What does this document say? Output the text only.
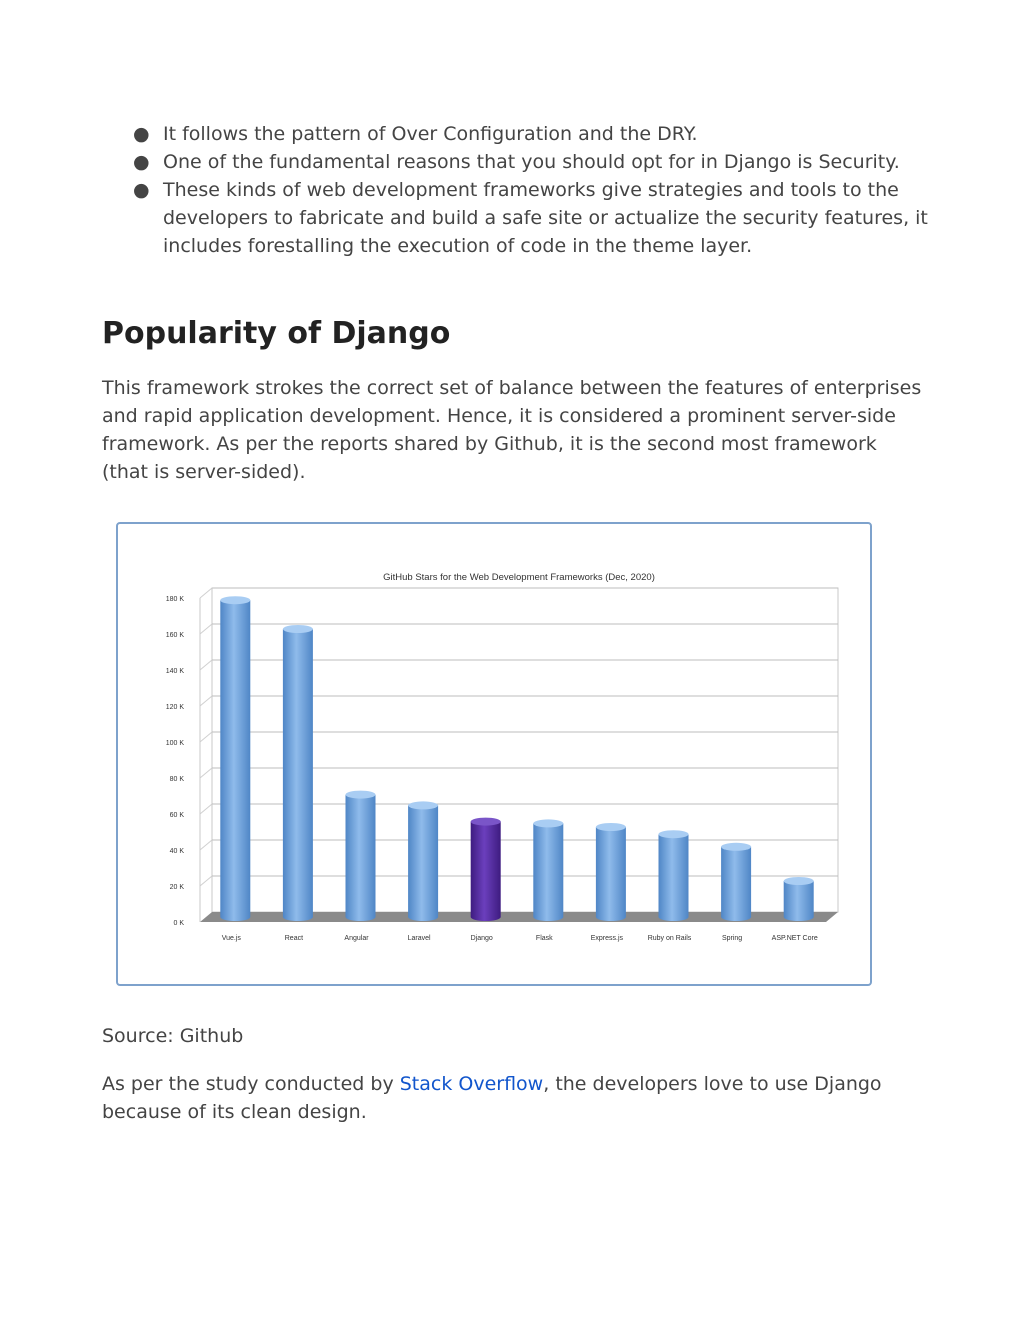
● It follows the pattern of Over Configuration and the DRY.
● One of the fundamental reasons that you should opt for in Django is Security.
● These kinds of web development frameworks give strategies and tools to the developers to fabricate and build a safe site or actualize the security features, it includes forestalling the execution of code in the theme layer.
Popularity of Django

This framework strokes the correct set of balance between the features of enterprises and rapid application development. Hence, it is considered a prominent server-side framework. As per the reports shared by Github, it is the second most framework (that is server-sided).

GitHub Stars for the Web Development Frameworks (Dec, 2020)
0 K
20 K
40 K
60 K
80 K
100 K
120 K
140 K
160 K
180 K
Vue.js	React	Angular	Laravel	Django	Flask	Express.js	Ruby on Rails	Spring	ASP.NET Core

Source: Github

As per the study conducted by Stack Overflow, the developers love to use Django because of its clean design.
